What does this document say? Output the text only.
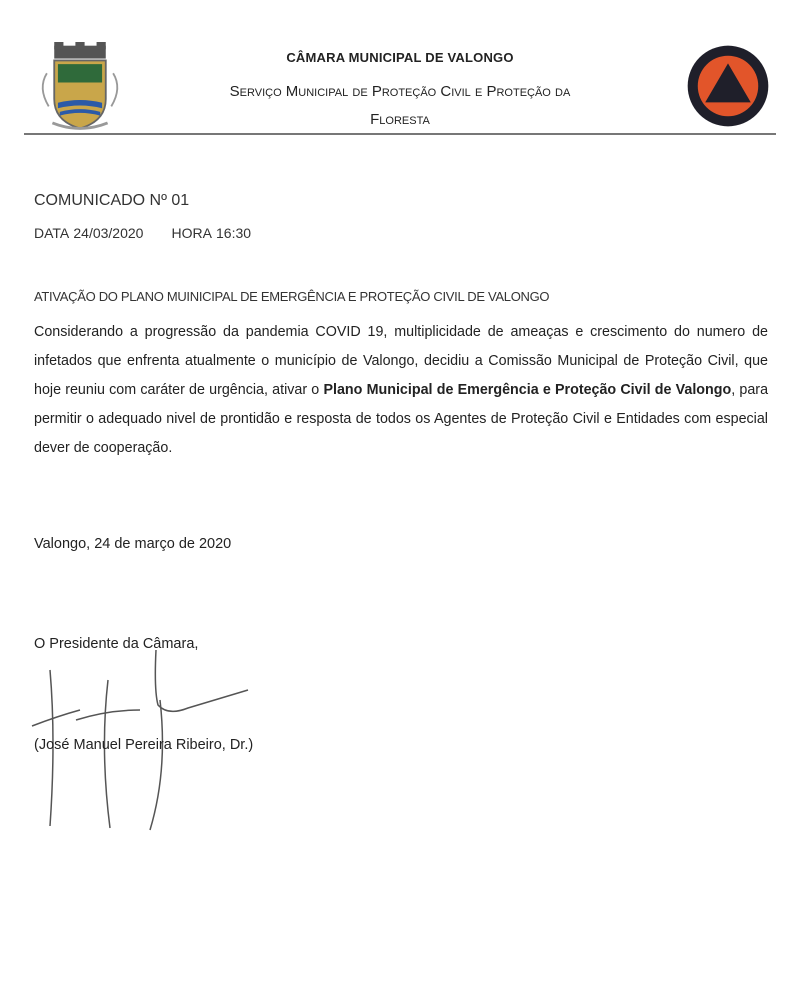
CÂMARA MUNICIPAL DE VALONGO
Serviço Municipal de Proteção Civil e Proteção da
Floresta
COMUNICADO Nº 01
DATA 24/03/2020 HORA 16:30
ATIVAÇÃO DO PLANO MUINICIPAL DE EMERGÊNCIA E PROTEÇÃO CIVIL DE VALONGO
Considerando a progressão da pandemia COVID 19, multiplicidade de ameaças e crescimento do numero de infetados que enfrenta atualmente o município de Valongo, decidiu a Comissão Municipal de Proteção Civil, que hoje reuniu com caráter de urgência, ativar o Plano Municipal de Emergência e Proteção Civil de Valongo, para permitir o adequado nivel de prontidão e resposta de todos os Agentes de Proteção Civil e Entidades com especial dever de cooperação.
Valongo, 24 de março de 2020
O Presidente da Câmara,
(José Manuel Pereira Ribeiro, Dr.)
